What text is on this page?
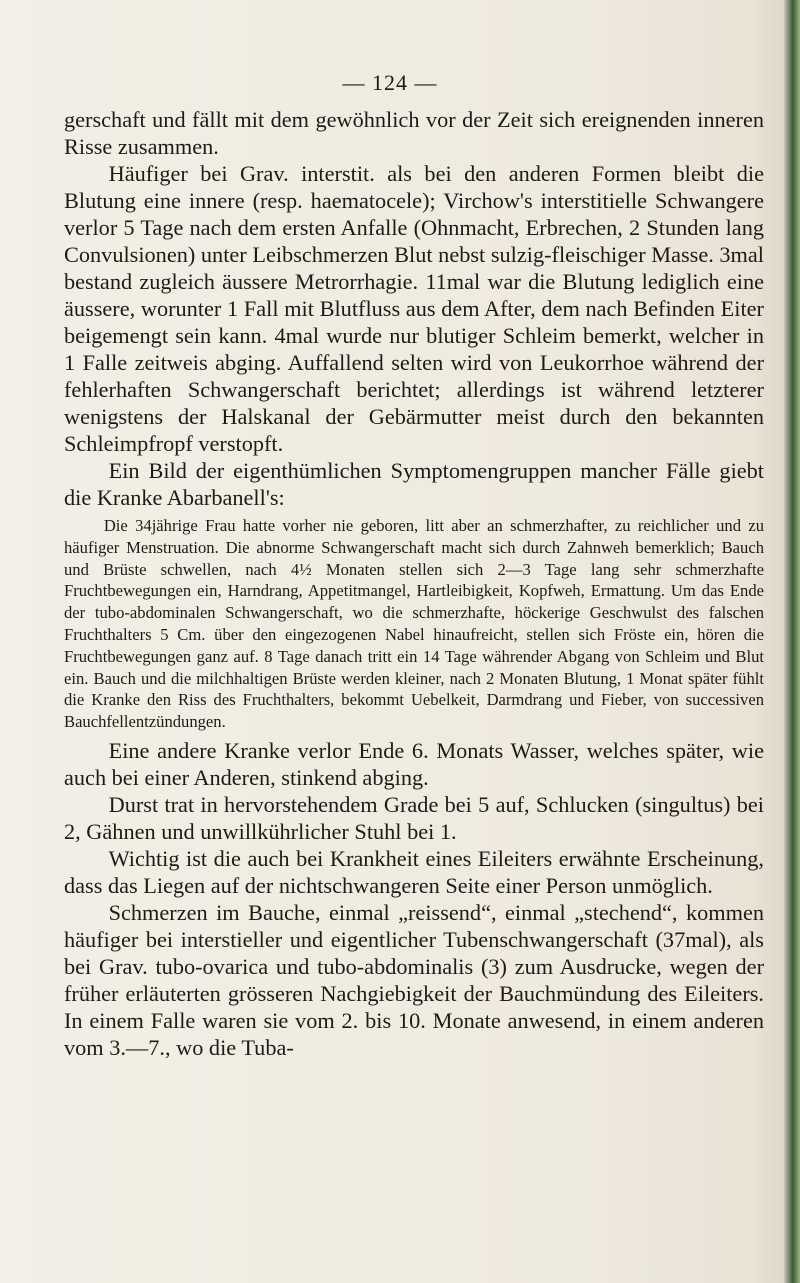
— 124 —

gerschaft und fällt mit dem gewöhnlich vor der Zeit sich ereignenden inneren Risse zusammen.

Häufiger bei Grav. interstit. als bei den anderen Formen bleibt die Blutung eine innere (resp. haematocele); Virchow's interstitielle Schwangere verlor 5 Tage nach dem ersten Anfalle (Ohnmacht, Erbrechen, 2 Stunden lang Convulsionen) unter Leibschmerzen Blut nebst sulzig-fleischiger Masse. 3mal bestand zugleich äussere Metrorrhagie. 11mal war die Blutung lediglich eine äussere, worunter 1 Fall mit Blutfluss aus dem After, dem nach Befinden Eiter beigemengt sein kann. 4mal wurde nur blutiger Schleim bemerkt, welcher in 1 Falle zeitweis abging. Auffallend selten wird von Leukorrhoe während der fehlerhaften Schwangerschaft berichtet; allerdings ist während letzterer wenigstens der Halskanal der Gebärmutter meist durch den bekannten Schleimpfropf verstopft.

Ein Bild der eigenthümlichen Symptomengruppen mancher Fälle giebt die Kranke Abarbanell's:

Die 34jährige Frau hatte vorher nie geboren, litt aber an schmerzhafter, zu reichlicher und zu häufiger Menstruation. Die abnorme Schwangerschaft macht sich durch Zahnweh bemerklich; Bauch und Brüste schwellen, nach 4½ Monaten stellen sich 2—3 Tage lang sehr schmerzhafte Fruchtbewegungen ein, Harndrang, Appetitmangel, Hartleibigkeit, Kopfweh, Ermattung. Um das Ende der tubo-abdominalen Schwangerschaft, wo die schmerzhafte, höckerige Geschwulst des falschen Fruchthalters 5 Cm. über den eingezogenen Nabel hinaufreicht, stellen sich Fröste ein, hören die Fruchtbewegungen ganz auf. 8 Tage danach tritt ein 14 Tage währender Abgang von Schleim und Blut ein. Bauch und die milchhaltigen Brüste werden kleiner, nach 2 Monaten Blutung, 1 Monat später fühlt die Kranke den Riss des Fruchthalters, bekommt Uebelkeit, Darmdrang und Fieber, von successiven Bauchfellentzündungen.

Eine andere Kranke verlor Ende 6. Monats Wasser, welches später, wie auch bei einer Anderen, stinkend abging.

Durst trat in hervorstehendem Grade bei 5 auf, Schlucken (singultus) bei 2, Gähnen und unwillkührlicher Stuhl bei 1.

Wichtig ist die auch bei Krankheit eines Eileiters erwähnte Erscheinung, dass das Liegen auf der nichtschwangeren Seite einer Person unmöglich.

Schmerzen im Bauche, einmal „reissend“, einmal „stechend“, kommen häufiger bei interstieller und eigentlicher Tubenschwangerschaft (37mal), als bei Grav. tubo-ovarica und tubo-abdominalis (3) zum Ausdrucke, wegen der früher erläuterten grösseren Nachgiebigkeit der Bauchmündung des Eileiters. In einem Falle waren sie vom 2. bis 10. Monate anwesend, in einem anderen vom 3.—7., wo die Tuba-
